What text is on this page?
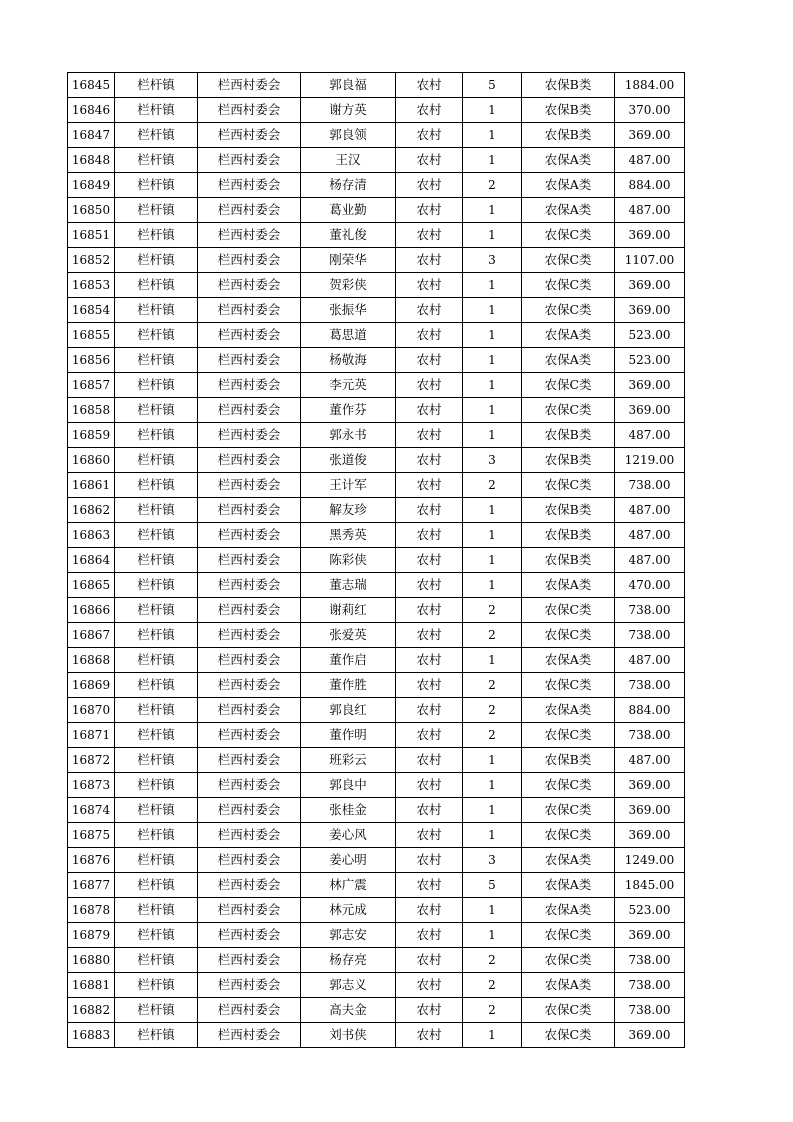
16845	栏杆镇	栏西村委会	郭良福	农村	5	农保B类	1884.00
16846	栏杆镇	栏西村委会	谢方英	农村	1	农保B类	370.00
16847	栏杆镇	栏西村委会	郭良领	农村	1	农保B类	369.00
16848	栏杆镇	栏西村委会	王汉	农村	1	农保A类	487.00
16849	栏杆镇	栏西村委会	杨存清	农村	2	农保A类	884.00
16850	栏杆镇	栏西村委会	葛业勤	农村	1	农保A类	487.00
16851	栏杆镇	栏西村委会	董礼俊	农村	1	农保C类	369.00
16852	栏杆镇	栏西村委会	刚荣华	农村	3	农保C类	1107.00
16853	栏杆镇	栏西村委会	贺彩侠	农村	1	农保C类	369.00
16854	栏杆镇	栏西村委会	张振华	农村	1	农保C类	369.00
16855	栏杆镇	栏西村委会	葛思道	农村	1	农保A类	523.00
16856	栏杆镇	栏西村委会	杨敬海	农村	1	农保A类	523.00
16857	栏杆镇	栏西村委会	李元英	农村	1	农保C类	369.00
16858	栏杆镇	栏西村委会	董作芬	农村	1	农保C类	369.00
16859	栏杆镇	栏西村委会	郭永书	农村	1	农保B类	487.00
16860	栏杆镇	栏西村委会	张道俊	农村	3	农保B类	1219.00
16861	栏杆镇	栏西村委会	王计军	农村	2	农保C类	738.00
16862	栏杆镇	栏西村委会	解友珍	农村	1	农保B类	487.00
16863	栏杆镇	栏西村委会	黑秀英	农村	1	农保B类	487.00
16864	栏杆镇	栏西村委会	陈彩侠	农村	1	农保B类	487.00
16865	栏杆镇	栏西村委会	董志瑞	农村	1	农保A类	470.00
16866	栏杆镇	栏西村委会	谢莉红	农村	2	农保C类	738.00
16867	栏杆镇	栏西村委会	张爱英	农村	2	农保C类	738.00
16868	栏杆镇	栏西村委会	董作启	农村	1	农保A类	487.00
16869	栏杆镇	栏西村委会	董作胜	农村	2	农保C类	738.00
16870	栏杆镇	栏西村委会	郭良红	农村	2	农保A类	884.00
16871	栏杆镇	栏西村委会	董作明	农村	2	农保C类	738.00
16872	栏杆镇	栏西村委会	班彩云	农村	1	农保B类	487.00
16873	栏杆镇	栏西村委会	郭良中	农村	1	农保C类	369.00
16874	栏杆镇	栏西村委会	张桂金	农村	1	农保C类	369.00
16875	栏杆镇	栏西村委会	姜心风	农村	1	农保C类	369.00
16876	栏杆镇	栏西村委会	姜心明	农村	3	农保A类	1249.00
16877	栏杆镇	栏西村委会	林广震	农村	5	农保A类	1845.00
16878	栏杆镇	栏西村委会	林元成	农村	1	农保A类	523.00
16879	栏杆镇	栏西村委会	郭志安	农村	1	农保C类	369.00
16880	栏杆镇	栏西村委会	杨存亮	农村	2	农保C类	738.00
16881	栏杆镇	栏西村委会	郭志义	农村	2	农保A类	738.00
16882	栏杆镇	栏西村委会	高夫金	农村	2	农保C类	738.00
16883	栏杆镇	栏西村委会	刘书侠	农村	1	农保C类	369.00
